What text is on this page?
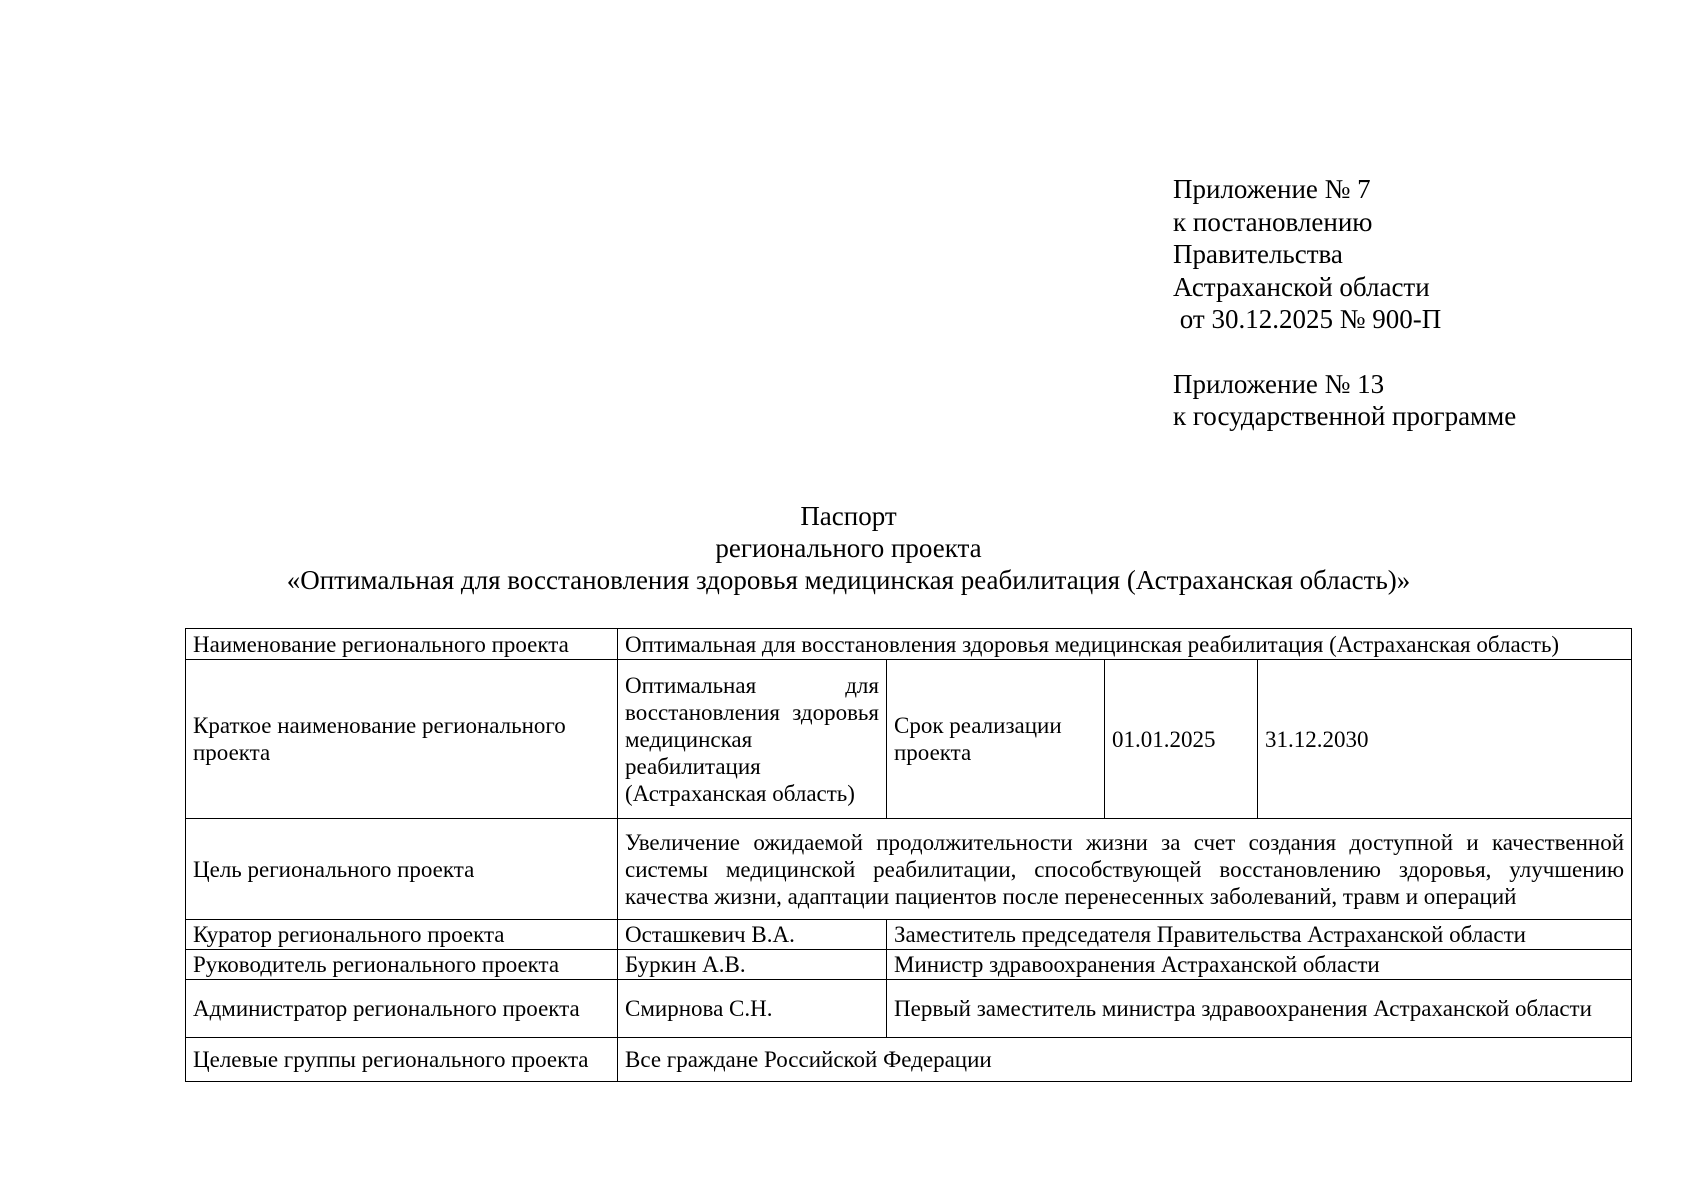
Приложение № 7
к постановлению
Правительства
Астраханской области
от 30.12.2025 № 900-П
Приложение № 13
к государственной программе
Паспорт
регионального проекта
«Оптимальная для восстановления здоровья медицинская реабилитация (Астраханская область)»
Наименование регионального проекта	Оптимальная для восстановления здоровья медицинская реабилитация (Астраханская область)			
Краткое наименование регионального проекта	Оптимальная для восстановления здоровья медицинская реабилитация (Астраханская область)	Срок реализации проекта	01.01.2025	31.12.2030
Цель регионального проекта	Увеличение ожидаемой продолжительности жизни за счет создания доступной и качественной системы медицинской реабилитации, способствующей восстановлению здоровья, улучшению качества жизни, адаптации пациентов после перенесенных заболеваний, травм и операций			
Куратор регионального проекта	Осташкевич В.А.	Заместитель председателя Правительства Астраханской области		
Руководитель регионального проекта	Буркин А.В.	Министр здравоохранения Астраханской области		
Администратор регионального проекта	Смирнова С.Н.	Первый заместитель министра здравоохранения Астраханской области		
Целевые группы регионального проекта	Все граждане Российской Федерации			
